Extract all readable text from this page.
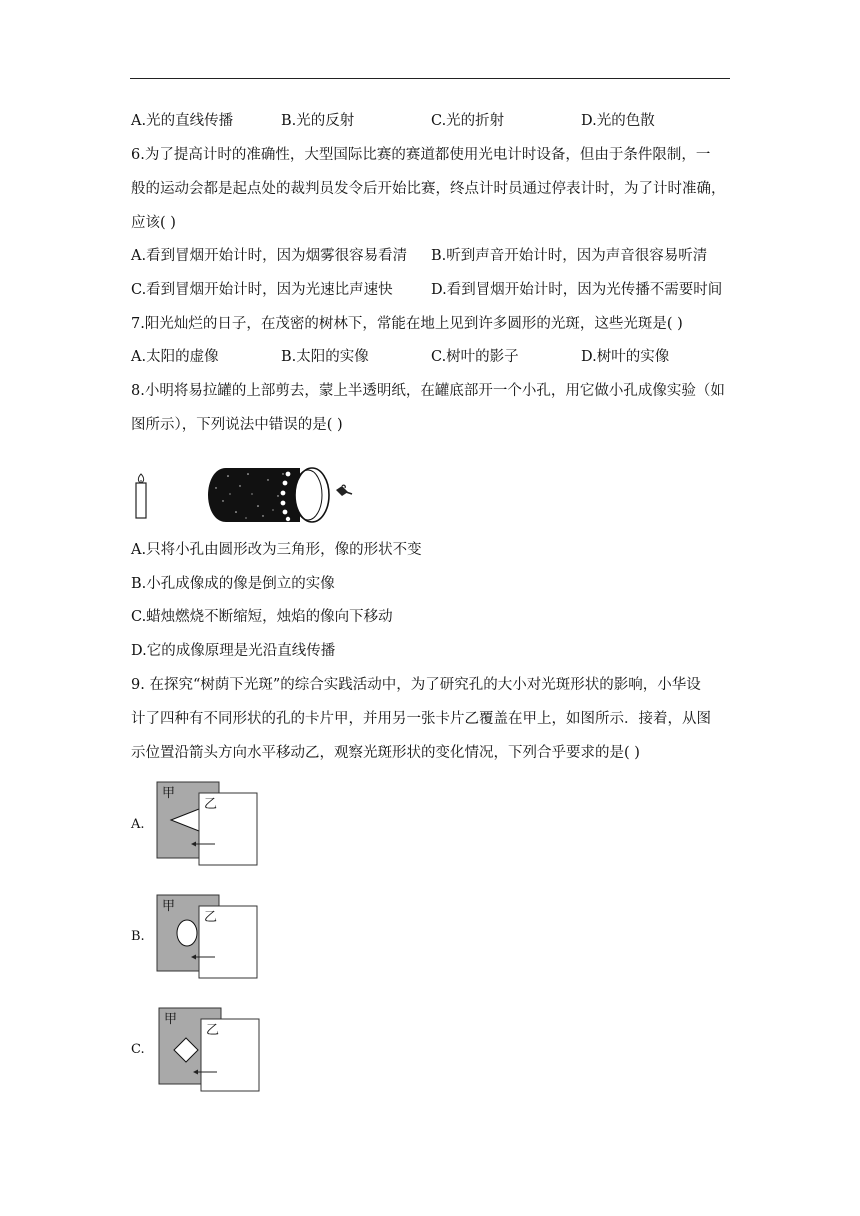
A.光的直线传播	B.光的反射	C.光的折射	D.光的色散
6.为了提高计时的准确性，大型国际比赛的赛道都使用光电计时设备，但由于条件限制，一
般的运动会都是起点处的裁判员发令后开始比赛，终点计时员通过停表计时，为了计时准确，
应该( )
A.看到冒烟开始计时，因为烟雾很容易看清 B.听到声音开始计时，因为声音很容易听清
C.看到冒烟开始计时，因为光速比声速快	D.看到冒烟开始计时，因为光传播不需要时间
7.阳光灿烂的日子，在茂密的树林下，常能在地上见到许多圆形的光斑，这些光斑是( )
A.太阳的虚像	B.太阳的实像	C.树叶的影子	D.树叶的实像
8.小明将易拉罐的上部剪去，蒙上半透明纸，在罐底部开一个小孔，用它做小孔成像实验（如
图所示），下列说法中错误的是( )
A.只将小孔由圆形改为三角形，像的形状不变
B.小孔成像成的像是倒立的实像
C.蜡烛燃烧不断缩短，烛焰的像向下移动
D.它的成像原理是光沿直线传播
9. 在探究“树荫下光斑”的综合实践活动中，为了研究孔的大小对光斑形状的影响，小华设
计了四种有不同形状的孔的卡片甲，并用另一张卡片乙覆盖在甲上，如图所示．接着，从图
示位置沿箭头方向水平移动乙，观察光斑形状的变化情况，下列合乎要求的是( )
A.
甲
乙
B.
甲
乙
C.
甲
乙
